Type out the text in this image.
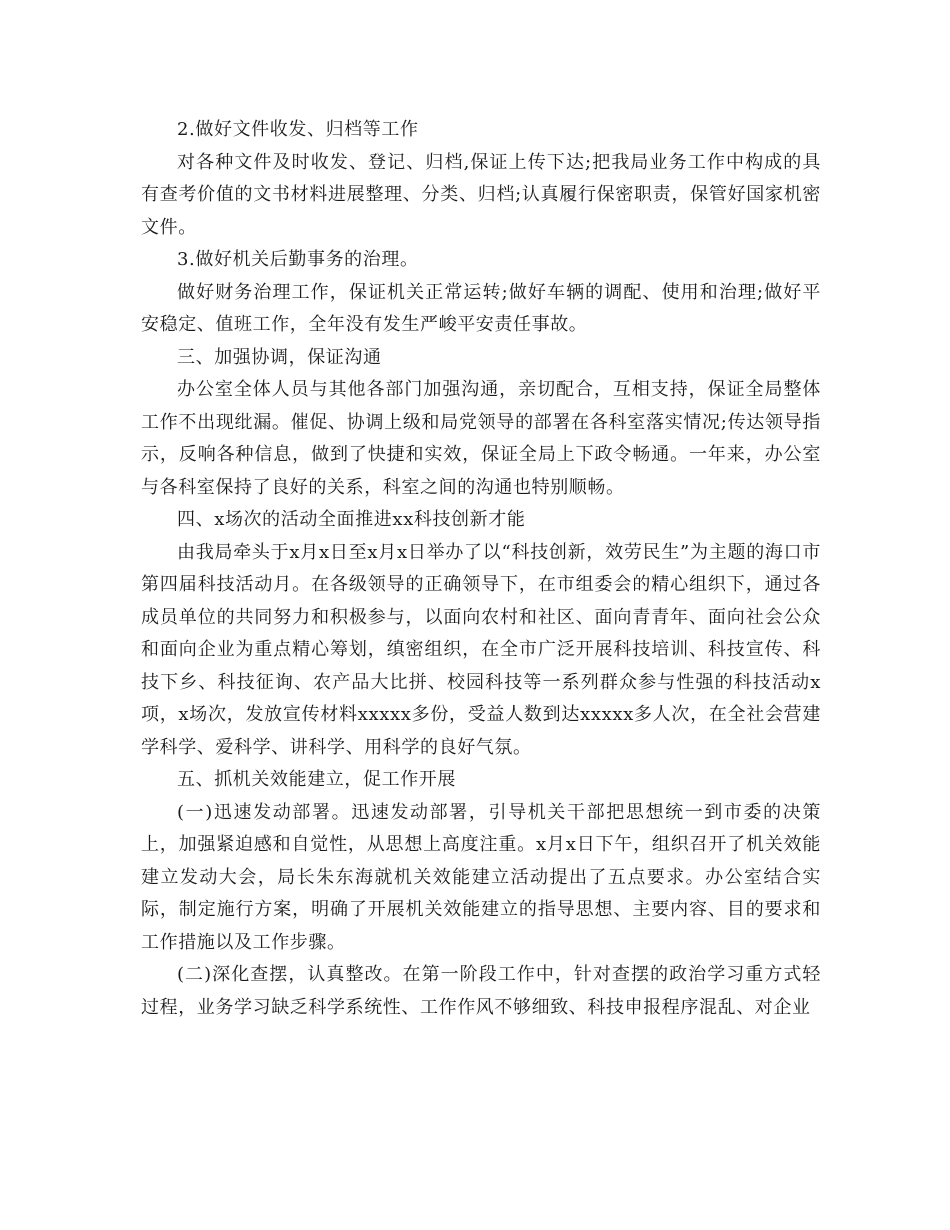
2.做好文件收发、归档等工作

对各种文件及时收发、登记、归档,保证上传下达;把我局业务工作中构成的具有查考价值的文书材料进展整理、分类、归档;认真履行保密职责，保管好国家机密文件。

3.做好机关后勤事务的治理。

做好财务治理工作，保证机关正常运转;做好车辆的调配、使用和治理;做好平安稳定、值班工作，全年没有发生严峻平安责任事故。

三、加强协调，保证沟通

办公室全体人员与其他各部门加强沟通，亲切配合，互相支持，保证全局整体工作不出现纰漏。催促、协调上级和局党领导的部署在各科室落实情况;传达领导指示，反响各种信息，做到了快捷和实效，保证全局上下政令畅通。一年来，办公室与各科室保持了良好的关系，科室之间的沟通也特别顺畅。

四、x场次的活动全面推进xx科技创新才能

由我局牵头于x月x日至x月x日举办了以“科技创新，效劳民生”为主题的海口市第四届科技活动月。在各级领导的正确领导下，在市组委会的精心组织下，通过各成员单位的共同努力和积极参与，以面向农村和社区、面向青青年、面向社会公众和面向企业为重点精心筹划，缜密组织，在全市广泛开展科技培训、科技宣传、科技下乡、科技征询、农产品大比拼、校园科技等一系列群众参与性强的科技活动x项，x场次，发放宣传材料xxxxx多份，受益人数到达xxxxx多人次，在全社会营建学科学、爱科学、讲科学、用科学的良好气氛。

五、抓机关效能建立，促工作开展

(一)迅速发动部署。迅速发动部署，引导机关干部把思想统一到市委的决策上，加强紧迫感和自觉性，从思想上高度注重。x月x日下午，组织召开了机关效能建立发动大会，局长朱东海就机关效能建立活动提出了五点要求。办公室结合实际，制定施行方案，明确了开展机关效能建立的指导思想、主要内容、目的要求和工作措施以及工作步骤。

(二)深化查摆，认真整改。在第一阶段工作中，针对查摆的政治学习重方式轻过程，业务学习缺乏科学系统性、工作作风不够细致、科技申报程序混乱、对企业
